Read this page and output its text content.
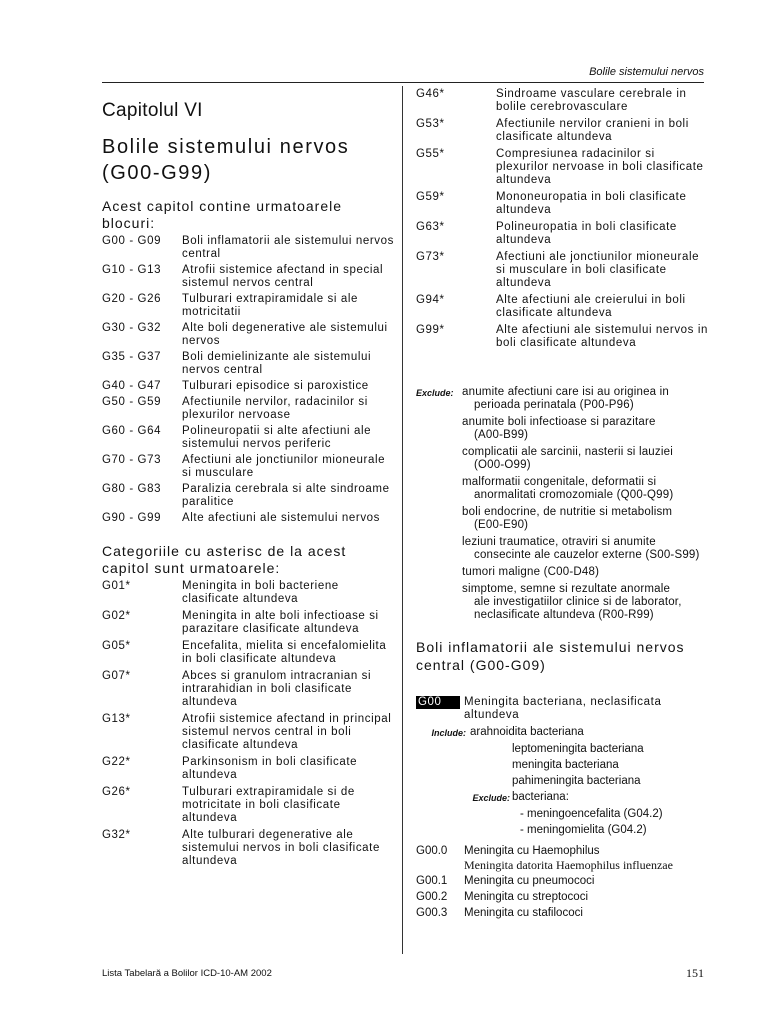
Bolile sistemului nervos
Capitolul VI
Bolile sistemului nervos
(G00-G99)
Acest capitol contine urmatoarele blocuri:
G00 - G09	Boli inflamatorii ale sistemului nervos central
G10 - G13	Atrofii sistemice afectand in special sistemul nervos central
G20 - G26	Tulburari extrapiramidale si ale motricitatii
G30 - G32	Alte boli degenerative ale sistemului nervos
G35 - G37	Boli demielinizante ale sistemului nervos central
G40 - G47	Tulburari episodice si paroxistice
G50 - G59	Afectiunile nervilor, radacinilor si plexurilor nervoase
G60 - G64	Polineuropatii si alte afectiuni ale sistemului nervos periferic
G70 - G73	Afectiuni ale jonctiunilor mioneurale si musculare
G80 - G83	Paralizia cerebrala si alte sindroame paralitice
G90 - G99	Alte afectiuni ale sistemului nervos
Categoriile cu asterisc de la acest capitol sunt urmatoarele:
G01*	Meningita in boli bacteriene clasificate altundeva
G02*	Meningita in alte boli infectioase si parazitare clasificate altundeva
G05*	Encefalita, mielita si encefalomielita in boli clasificate altundeva
G07*	Abces si granulom intracranian si intrarahidian in boli clasificate altundeva
G13*	Atrofii sistemice afectand in principal sistemul nervos central in boli clasificate altundeva
G22*	Parkinsonism in boli clasificate altundeva
G26*	Tulburari extrapiramidale si de motricitate in boli clasificate altundeva
G32*	Alte tulburari degenerative ale sistemului nervos in boli clasificate altundeva
G46*	Sindroame vasculare cerebrale in bolile cerebrovasculare
G53*	Afectiunile nervilor cranieni in boli clasificate altundeva
G55*	Compresiunea radacinilor si plexurilor nervoase in boli clasificate altundeva
G59*	Mononeuropatia in boli clasificate altundeva
G63*	Polineuropatia in boli clasificate altundeva
G73*	Afectiuni ale jonctiunilor mioneurale si musculare in boli clasificate altundeva
G94*	Alte afectiuni ale creierului in boli clasificate altundeva
G99*	Alte afectiuni ale sistemului nervos in boli clasificate altundeva
Exclude: anumite afectiuni care isi au originea in
perioada perinatala (P00-P96)
anumite boli infectioase si parazitare
(A00-B99)
complicatii ale sarcinii, nasterii si lauziei
(O00-O99)
malformatii congenitale, deformatii si
anormalitati cromozomiale (Q00-Q99)
boli endocrine, de nutritie si metabolism
(E00-E90)
leziuni traumatice, otraviri si anumite
consecinte ale cauzelor externe (S00-S99)
tumori maligne (C00-D48)
simptome, semne si rezultate anormale
ale investigatiilor clinice si de laborator, neclasificate altundeva (R00-R99)
Boli inflamatorii ale sistemului nervos central (G00-G09)
G00	Meningita bacteriana, neclasificata altundeva
Include: arahnoidita bacteriana
leptomeningita bacteriana
meningita bacteriana
pahimeningita bacteriana
Exclude: bacteriana:
- meningoencefalita (G04.2)
- meningomielita (G04.2)
G00.0	Meningita cu Haemophilus
Meningita datorita Haemophilus influenzae
G00.1	Meningita cu pneumococi
G00.2	Meningita cu streptococi
G00.3	Meningita cu stafilococi
Lista Tabelară a Bolilor ICD-10-AM 2002	151
